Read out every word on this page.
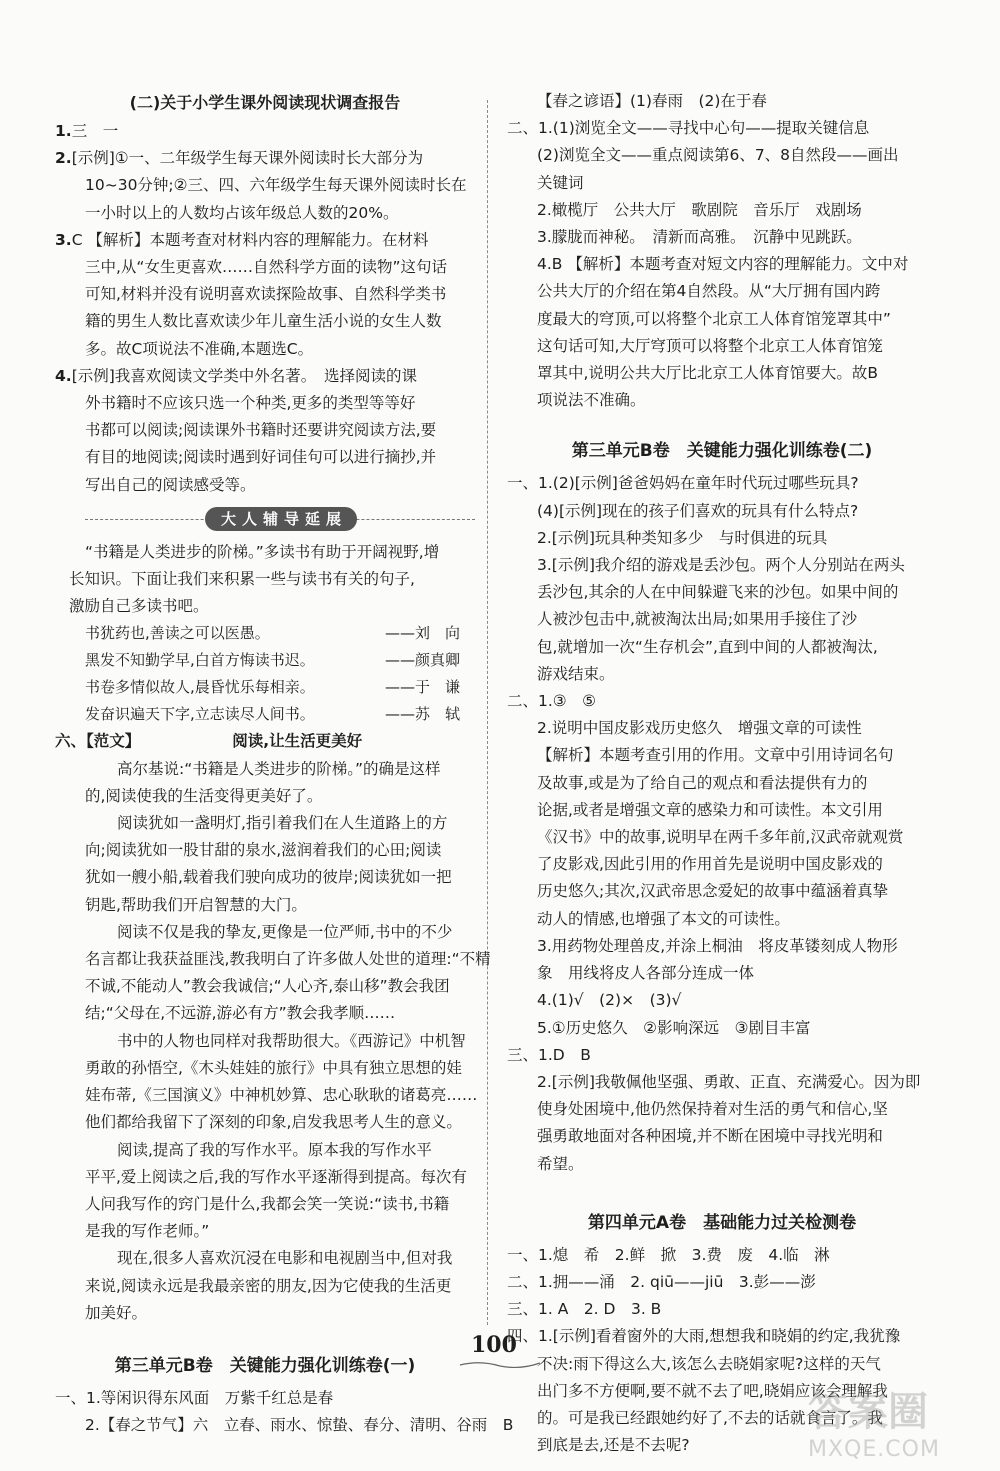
(二)关于小学生课外阅读现状调查报告
1.三　一
2.[示例]①一、二年级学生每天课外阅读时长大部分为
10~30分钟;②三、四、六年级学生每天课外阅读时长在
一小时以上的人数均占该年级总人数的20%。
3.C 【解析】本题考查对材料内容的理解能力。在材料
三中,从“女生更喜欢……自然科学方面的读物”这句话
可知,材料并没有说明喜欢读探险故事、自然科学类书
籍的男生人数比喜欢读少年儿童生活小说的女生人数
多。故C项说法不准确,本题选C。
4.[示例]我喜欢阅读文学类中外名著。　选择阅读的课
外书籍时不应该只选一个种类,更多的类型等等好
书都可以阅读;阅读课外书籍时还要讲究阅读方法,要
有目的地阅读;阅读时遇到好词佳句可以进行摘抄,并
写出自己的阅读感受等。
大人辅导延展
“书籍是人类进步的阶梯。”多读书有助于开阔视野,增
长知识。下面让我们来积累一些与读书有关的句子,
激励自己多读书吧。
书犹药也,善读之可以医愚。	——刘　向
黑发不知勤学早,白首方悔读书迟。	——颜真卿
书卷多情似故人,晨昏忧乐每相亲。	——于　谦
发奋识遍天下字,立志读尽人间书。	——苏　轼
六、【范文】	阅读,让生活更美好
高尔基说:“书籍是人类进步的阶梯。”的确是这样
的,阅读使我的生活变得更美好了。
阅读犹如一盏明灯,指引着我们在人生道路上的方
向;阅读犹如一股甘甜的泉水,滋润着我们的心田;阅读
犹如一艘小船,载着我们驶向成功的彼岸;阅读犹如一把
钥匙,帮助我们开启智慧的大门。
阅读不仅是我的挚友,更像是一位严师,书中的不少
名言都让我获益匪浅,教我明白了许多做人处世的道理:“不精
不诚,不能动人”教会我诚信;“人心齐,泰山移”教会我团
结;“父母在,不远游,游必有方”教会我孝顺……
书中的人物也同样对我帮助很大。《西游记》中机智
勇敢的孙悟空,《木头娃娃的旅行》中具有独立思想的娃
娃布蒂,《三国演义》中神机妙算、忠心耿耿的诸葛亮……
他们都给我留下了深刻的印象,启发我思考人生的意义。
阅读,提高了我的写作水平。原本我的写作水平
平平,爱上阅读之后,我的写作水平逐渐得到提高。每次有
人问我写作的窍门是什么,我都会笑一笑说:“读书,书籍
是我的写作老师。”
现在,很多人喜欢沉浸在电影和电视剧当中,但对我
来说,阅读永远是我最亲密的朋友,因为它使我的生活更
加美好。
第三单元B卷　关键能力强化训练卷(一)
一、1.等闲识得东风面　万紫千红总是春
2.【春之节气】六　立春、雨水、惊蛰、春分、清明、谷雨　B
【春之谚语】(1)春雨　(2)在于春
二、1.(1)浏览全文——寻找中心句——提取关键信息
(2)浏览全文——重点阅读第6、7、8自然段——画出
关键词
2.橄榄厅　公共大厅　歌剧院　音乐厅　戏剧场
3.朦胧而神秘。　清新而高雅。　沉静中见跳跃。
4.B 【解析】本题考查对短文内容的理解能力。文中对
公共大厅的介绍在第4自然段。从“大厅拥有国内跨
度最大的穹顶,可以将整个北京工人体育馆笼罩其中”
这句话可知,大厅穹顶可以将整个北京工人体育馆笼
罩其中,说明公共大厅比北京工人体育馆要大。故B
项说法不准确。
第三单元B卷　关键能力强化训练卷(二)
一、1.(2)[示例]爸爸妈妈在童年时代玩过哪些玩具?
(4)[示例]现在的孩子们喜欢的玩具有什么特点?
2.[示例]玩具种类知多少　与时俱进的玩具
3.[示例]我介绍的游戏是丢沙包。两个人分别站在两头
丢沙包,其余的人在中间躲避飞来的沙包。如果中间的
人被沙包击中,就被淘汰出局;如果用手接住了沙
包,就增加一次“生存机会”,直到中间的人都被淘汰,
游戏结束。
二、1.③　⑤
2.说明中国皮影戏历史悠久　增强文章的可读性
【解析】本题考查引用的作用。文章中引用诗词名句
及故事,或是为了给自己的观点和看法提供有力的
论据,或者是增强文章的感染力和可读性。本文引用
《汉书》中的故事,说明早在两千多年前,汉武帝就观赏
了皮影戏,因此引用的作用首先是说明中国皮影戏的
历史悠久;其次,汉武帝思念爱妃的故事中蕴涵着真挚
动人的情感,也增强了本文的可读性。
3.用药物处理兽皮,并涂上桐油　将皮革镂刻成人物形
象　用线将皮人各部分连成一体
4.(1)√　(2)×　(3)√
5.①历史悠久　②影响深远　③剧目丰富
三、1.D　B
2.[示例]我敬佩他坚强、勇敢、正直、充满爱心。因为即
使身处困境中,他仍然保持着对生活的勇气和信心,坚
强勇敢地面对各种困境,并不断在困境中寻找光明和
希望。
第四单元A卷　基础能力过关检测卷
一、1.熄　希　2.鲜　掀　3.费　废　4.临　淋
二、1.拥——涌　2. qiū——jiū　3.彭——澎
三、1. A　2. D　3. B
四、1.[示例]看着窗外的大雨,想想我和晓娟的约定,我犹豫
不决:雨下得这么大,该怎么去晓娟家呢?这样的天气
出门多不方便啊,要不就不去了吧,晓娟应该会理解我
的。可是我已经跟她约好了,不去的话就食言了。我
到底是去,还是不去呢?
100
答案圈
MXQE.COM
